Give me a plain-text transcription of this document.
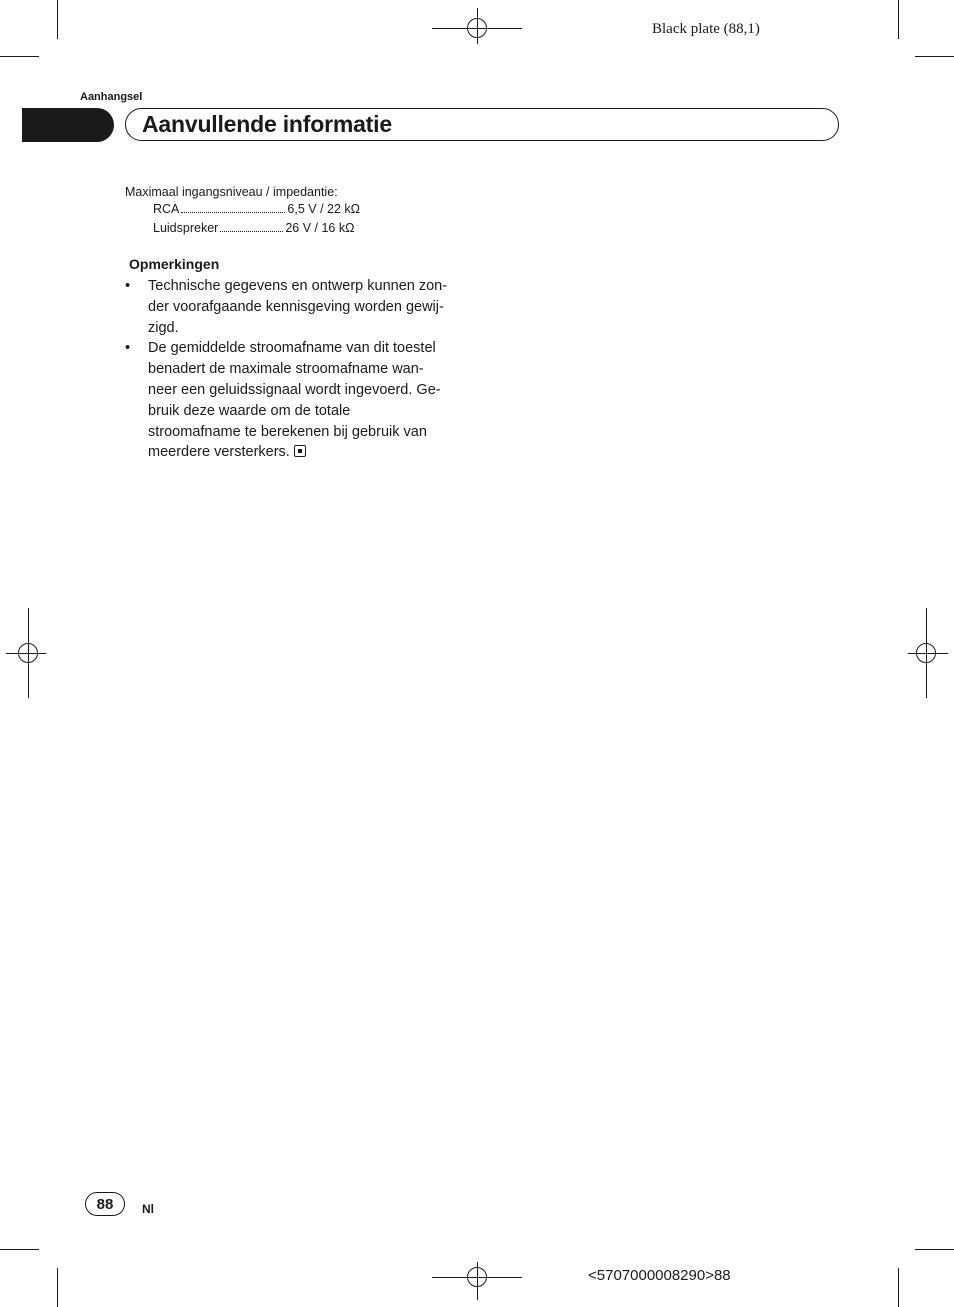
Black plate (88,1)
Aanhangsel
Aanvullende informatie
Maximaal ingangsniveau / impedantie:
RCA	6,5 V / 22 kΩ
Luidspreker	26 V / 16 kΩ
Opmerkingen
• Technische gegevens en ontwerp kunnen zon-
der voorafgaande kennisgeving worden gewij-
zigd.
• De gemiddelde stroomafname van dit toestel
benadert de maximale stroomafname wan-
neer een geluidssignaal wordt ingevoerd. Ge-
bruik deze waarde om de totale
stroomafname te berekenen bij gebruik van
meerdere versterkers.
88	Nl
<5707000008290>88
